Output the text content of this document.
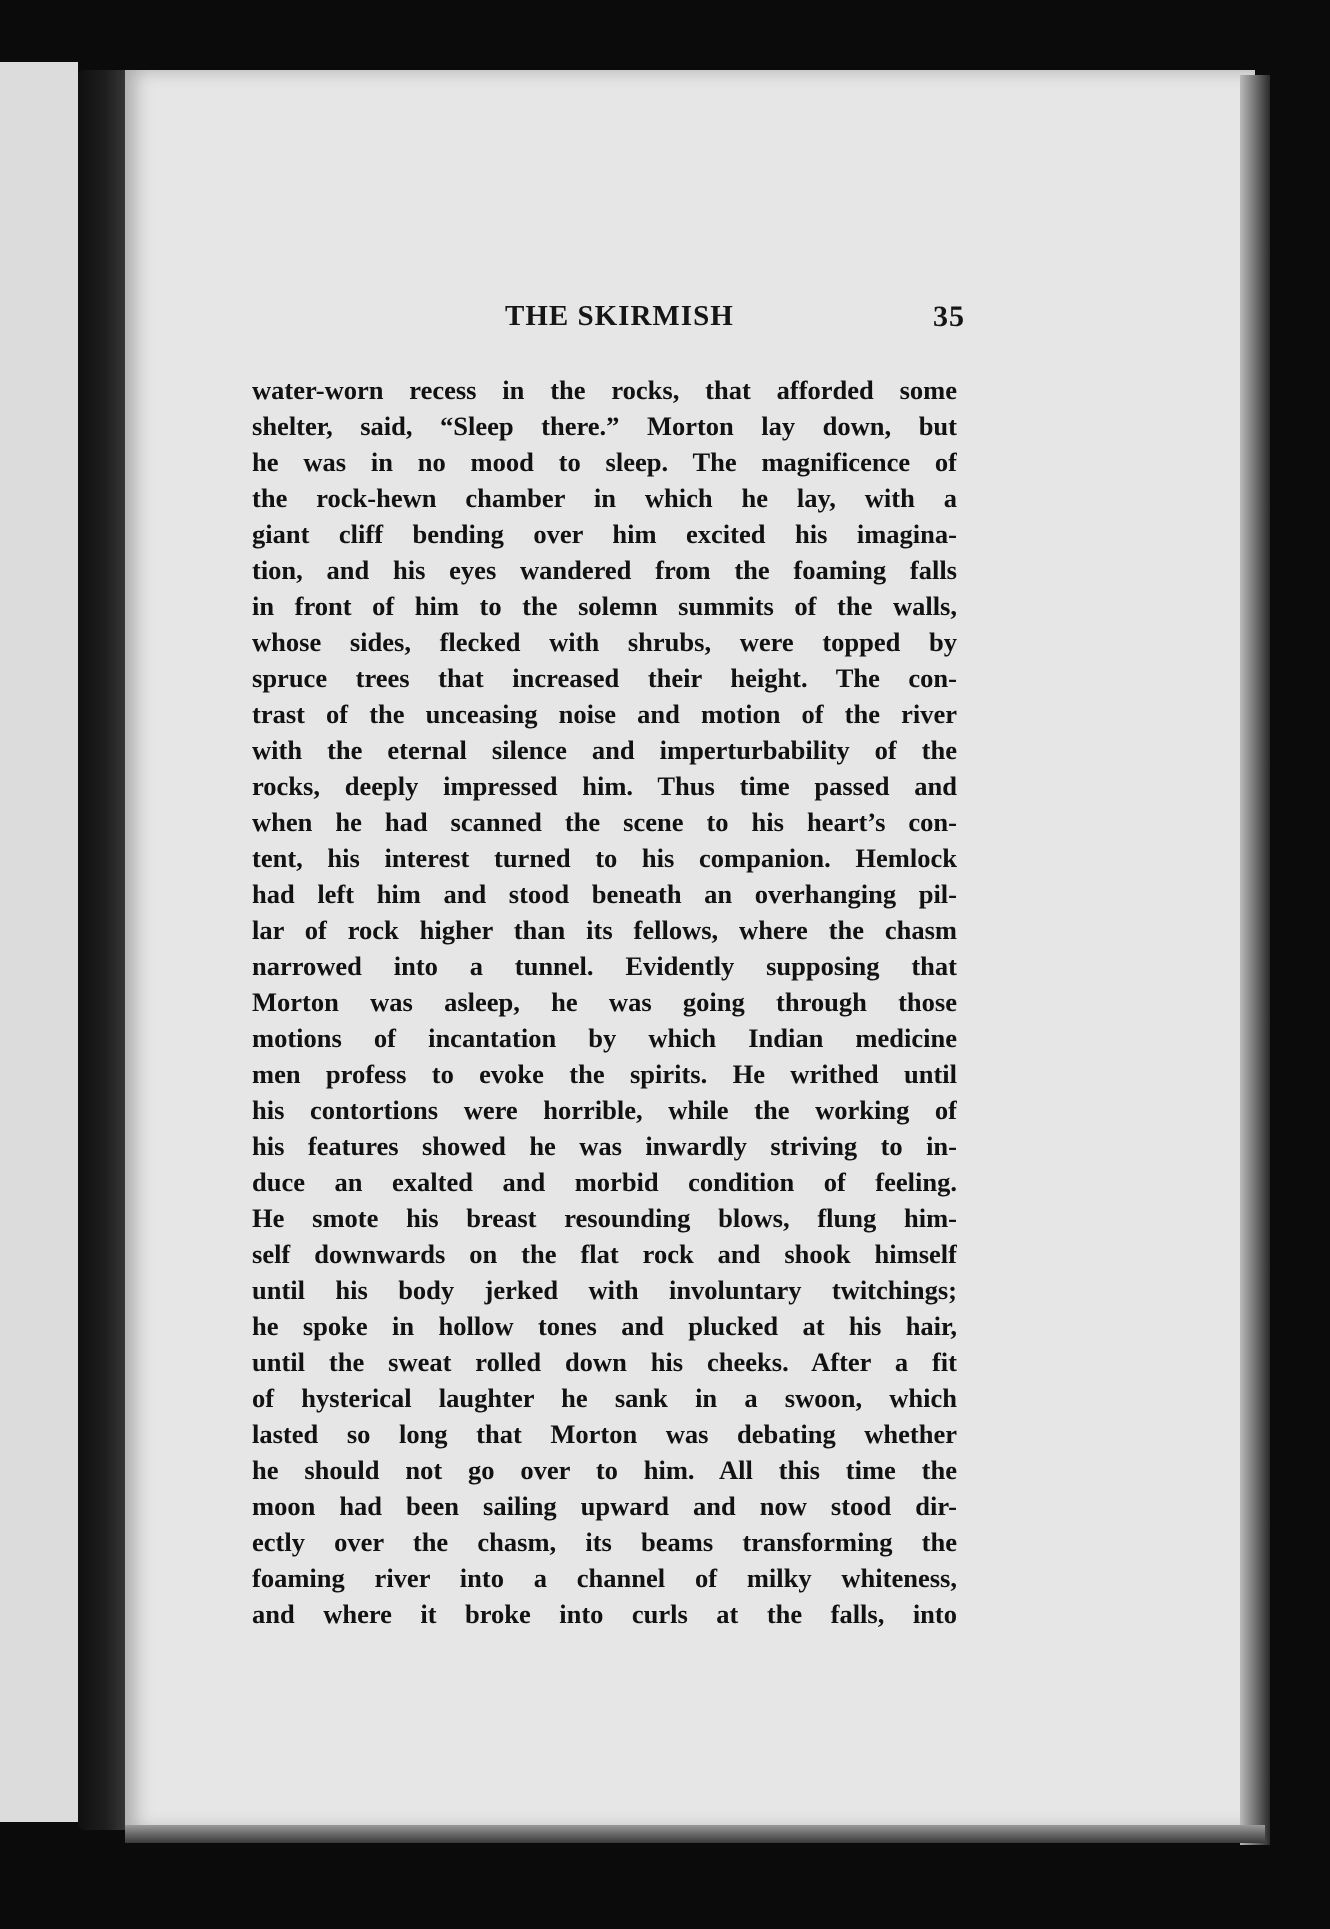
THE SKIRMISH	35
water-worn recess in the rocks, that afforded some
shelter, said, “Sleep there.” Morton lay down, but
he was in no mood to sleep. The magnificence of
the rock-hewn chamber in which he lay, with a
giant cliff bending over him excited his imagina-
tion, and his eyes wandered from the foaming falls
in front of him to the solemn summits of the walls,
whose sides, flecked with shrubs, were topped by
spruce trees that increased their height. The con-
trast of the unceasing noise and motion of the river
with the eternal silence and imperturbability of the
rocks, deeply impressed him. Thus time passed and
when he had scanned the scene to his heart’s con-
tent, his interest turned to his companion. Hemlock
had left him and stood beneath an overhanging pil-
lar of rock higher than its fellows, where the chasm
narrowed into a tunnel. Evidently supposing that
Morton was asleep, he was going through those
motions of incantation by which Indian medicine
men profess to evoke the spirits. He writhed until
his contortions were horrible, while the working of
his features showed he was inwardly striving to in-
duce an exalted and morbid condition of feeling.
He smote his breast resounding blows, flung him-
self downwards on the flat rock and shook himself
until his body jerked with involuntary twitchings;
he spoke in hollow tones and plucked at his hair,
until the sweat rolled down his cheeks. After a fit
of hysterical laughter he sank in a swoon, which
lasted so long that Morton was debating whether
he should not go over to him. All this time the
moon had been sailing upward and now stood dir-
ectly over the chasm, its beams transforming the
foaming river into a channel of milky whiteness,
and where it broke into curls at the falls, into
